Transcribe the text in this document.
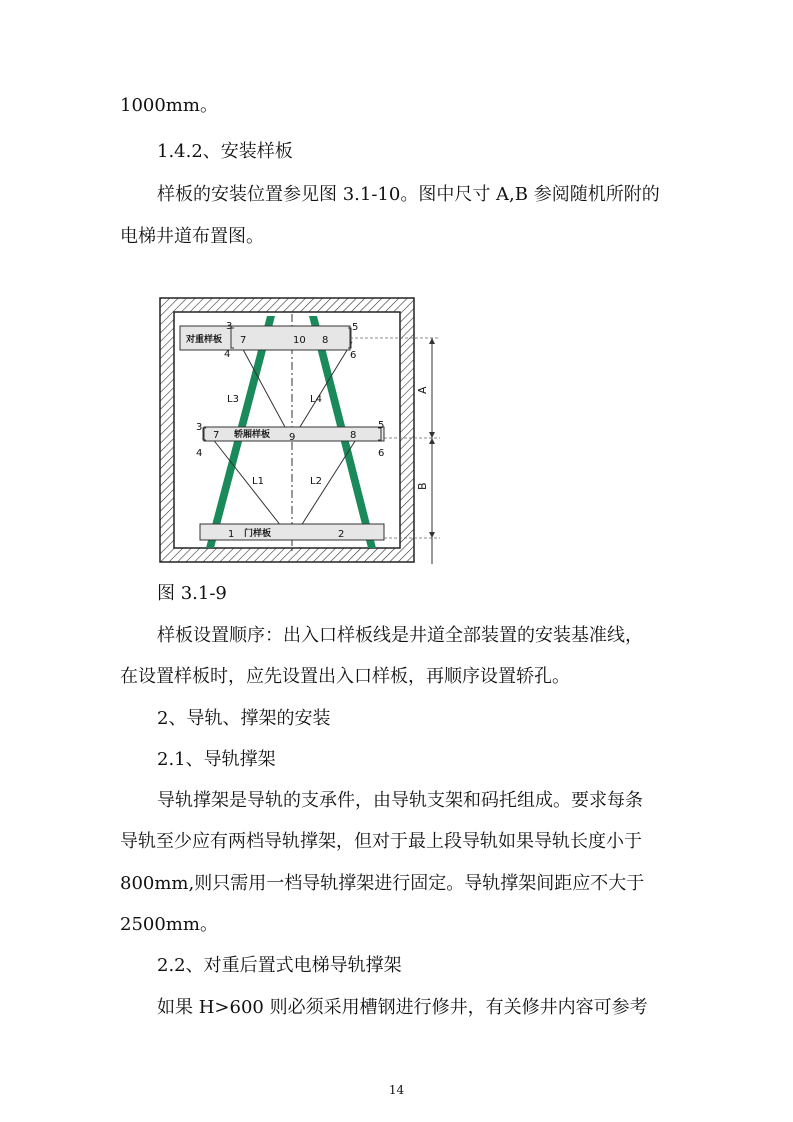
1000mm。
1.4.2、安装样板
样板的安装位置参见图 3.1-10。图中尺寸 A,B 参阅随机所附的
电梯井道布置图。
对重样板
轿厢样板
门样板
3
4
7	10 8
5
6
3
4
7	9	8
5
6
1	2
L3	L4
L1	L2
A
B
图 3.1-9
样板设置顺序：出入口样板线是井道全部装置的安装基准线，
在设置样板时，应先设置出入口样板，再顺序设置轿孔。
2、导轨、撑架的安装
2.1、导轨撑架
导轨撑架是导轨的支承件，由导轨支架和码托组成。要求每条
导轨至少应有两档导轨撑架，但对于最上段导轨如果导轨长度小于
800mm,则只需用一档导轨撑架进行固定。导轨撑架间距应不大于
2500mm。
2.2、对重后置式电梯导轨撑架
如果 H>600 则必须采用槽钢进行修井，有关修井内容可参考
14
